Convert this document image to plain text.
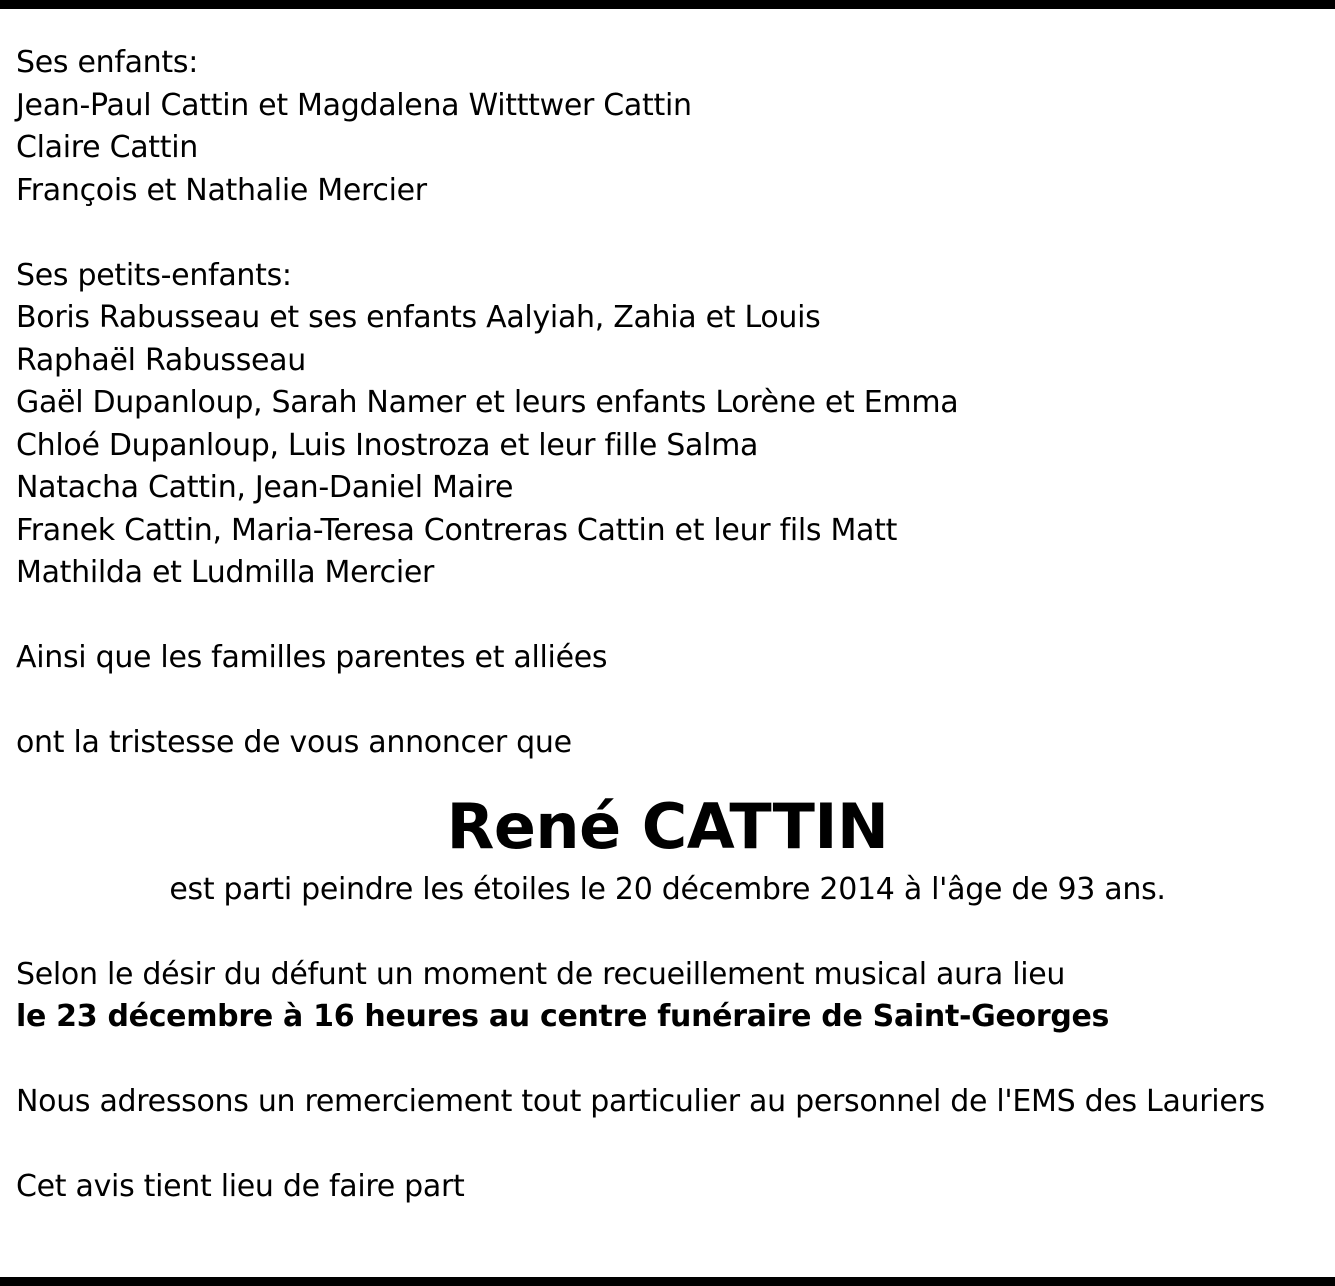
Ses enfants:
Jean-Paul Cattin et Magdalena Witttwer Cattin
Claire Cattin
François et Nathalie Mercier
Ses petits-enfants:
Boris Rabusseau et ses enfants Aalyiah, Zahia et Louis
Raphaël Rabusseau
Gaël Dupanloup, Sarah Namer et leurs enfants Lorène et Emma
Chloé Dupanloup, Luis Inostroza et leur fille Salma
Natacha Cattin, Jean-Daniel Maire
Franek Cattin, Maria-Teresa Contreras Cattin et leur fils Matt
Mathilda et Ludmilla Mercier
Ainsi que les familles parentes et alliées
ont la tristesse de vous annoncer que
René CATTIN
est parti peindre les étoiles le 20 décembre 2014 à l'âge de 93 ans.
Selon le désir du défunt un moment de recueillement musical aura lieu
le 23 décembre à 16 heures au centre funéraire de Saint-Georges
Nous adressons un remerciement tout particulier au personnel de l'EMS des Lauriers
Cet avis tient lieu de faire part
